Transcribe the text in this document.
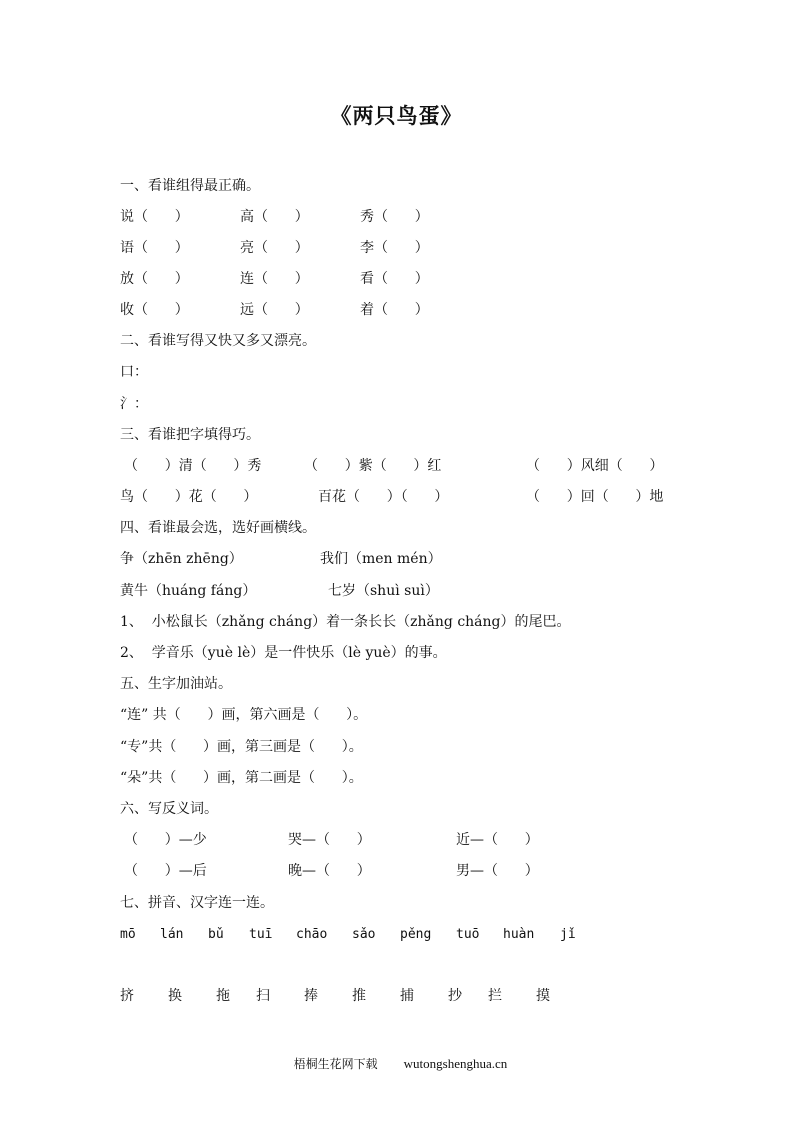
《两只鸟蛋》
一、看谁组得最正确。
说（      ）	高（      ）	秀（      ）
语（      ）	亮（      ）	李（      ）
放（      ）	连（      ）	看（      ）
收（      ）	远（      ）	着（      ）
二、看谁写得又快又多又漂亮。
口：
氵：
三、看谁把字填得巧。
（      ）清（      ）秀	（      ）紫（      ）红	（      ）风细（      ）
鸟（      ）花（      ）	百花（      ）（      ）	（      ）回（      ）地
四、看谁最会选，选好画横线。
争（zhēn zhēng）	我们（men mén）
黄牛（huáng fáng）	七岁（shuì suì）
1、  小松鼠长（zhǎng cháng）着一条长长（zhǎng cháng）的尾巴。
2、  学音乐（yuè lè）是一件快乐（lè yuè）的事。
五、生字加油站。
“连” 共（      ）画，第六画是（      ）。
“专”共（      ）画，第三画是（      ）。
“朵”共（      ）画，第二画是（      ）。
六、写反义词。
（      ）—少	哭—（      ）	近—（      ）
（      ）—后	晚—（      ）	男—（      ）
七、拼音、汉字连一连。
mō lán bǔ tuī chāo sǎo pěng tuō huàn jǐ
挤 换 拖 扫 捧 推 捕 抄 拦 摸

梧桐生花网下载 wutongshenghua.cn
